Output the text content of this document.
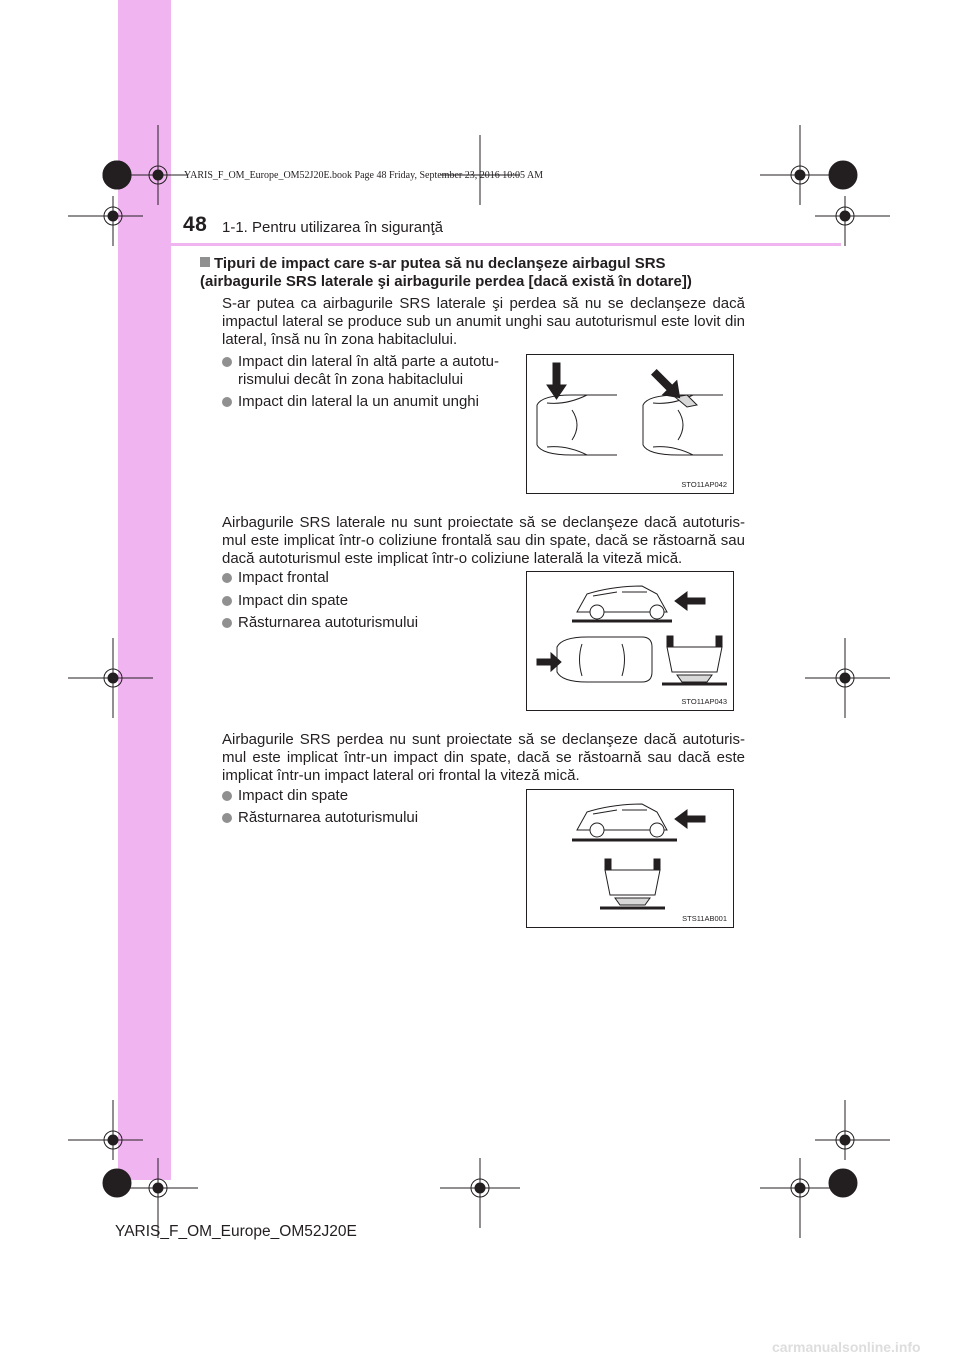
YARIS_F_OM_Europe_OM52J20E.book Page 48 Friday, September 23, 2016 10:05 AM
48 1-1. Pentru utilizarea în siguranţă
Tipuri de impact care s-ar putea să nu declanşeze airbagul SRS (airbagurile SRS laterale şi airbagurile perdea [dacă există în dotare])
S-ar putea ca airbagurile SRS laterale şi perdea să nu se declanşeze dacă impactul lateral se produce sub un anumit unghi sau autoturismul este lovit din lateral, însă nu în zona habitaclului.
Impact din lateral în altă parte a autotu- rismului decât în zona habitaclului
Impact din lateral la un anumit unghi
STO11AP042
Airbagurile SRS laterale nu sunt proiectate să se declanşeze dacă autoturis- mul este implicat într-o coliziune frontală sau din spate, dacă se răstoarnă sau dacă autoturismul este implicat într-o coliziune laterală la viteză mică.
Impact frontal
Impact din spate
Răsturnarea autoturismului
STO11AP043
Airbagurile SRS perdea nu sunt proiectate să se declanşeze dacă autoturis- mul este implicat într-un impact din spate, dacă se răstoarnă sau dacă este implicat într-un impact lateral ori frontal la viteză mică.
Impact din spate
Răsturnarea autoturismului
STS11AB001
YARIS_F_OM_Europe_OM52J20E
carmanualsonline.info
